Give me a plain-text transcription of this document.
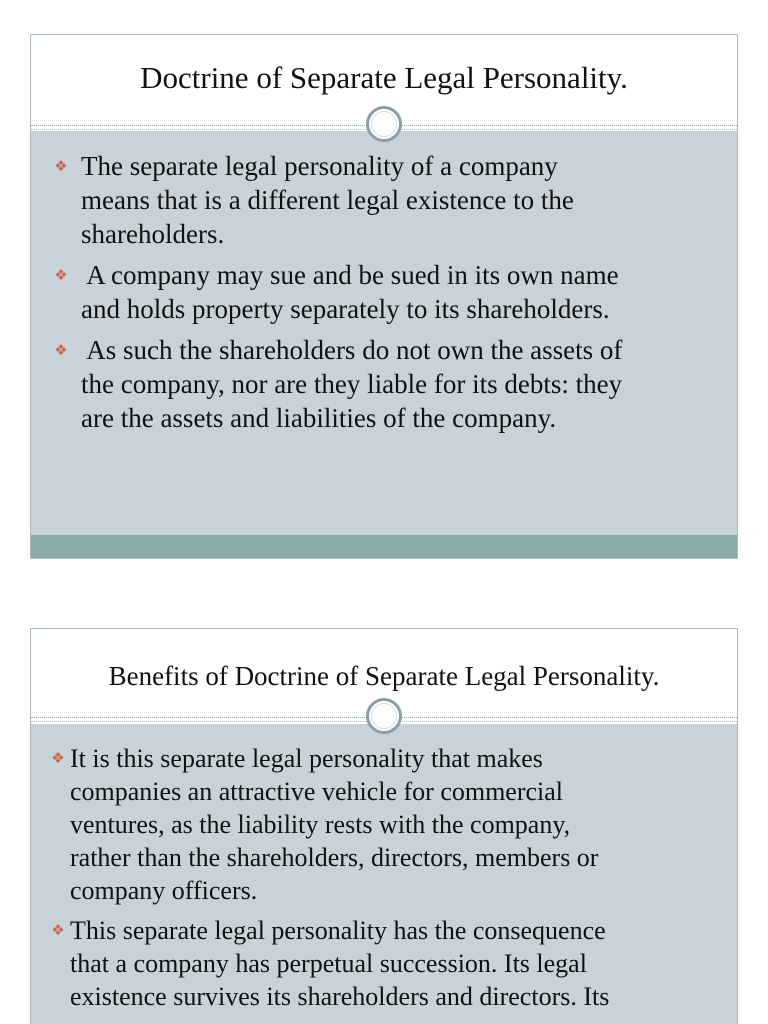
Doctrine of Separate Legal Personality.
❖
The separate legal personality of a company
means that is a different legal existence to the
shareholders.
❖
A company may sue and be sued in its own name
and holds property separately to its shareholders.
❖
As such the shareholders do not own the assets of
the company, nor are they liable for its debts: they
are the assets and liabilities of the company.
Benefits of Doctrine of Separate Legal Personality.
❖
It is this separate legal personality that makes
companies an attractive vehicle for commercial
ventures, as the liability rests with the company,
rather than the shareholders, directors, members or
company officers.
❖
This separate legal personality has the consequence
that a company has perpetual succession. Its legal
existence survives its shareholders and directors. Its
